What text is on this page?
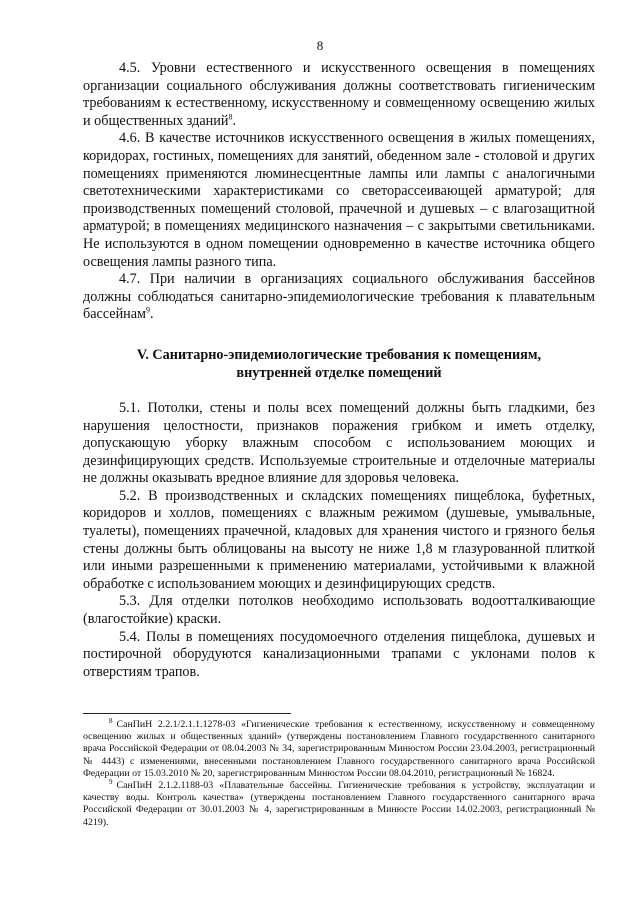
8

4.5. Уровни естественного и искусственного освещения в помещениях организации социального обслуживания должны соответствовать гигиеническим требованиям к естественному, искусственному и совмещенному освещению жилых и общественных зданий$^8$.

4.6. В качестве источников искусственного освещения в жилых помещениях, коридорах, гостиных, помещениях для занятий, обеденном зале - столовой и других помещениях применяются люминесцентные лампы или лампы с аналогичными светотехническими характеристиками со светорассеивающей арматурой; для производственных помещений столовой, прачечной и душевых – с влагозащитной арматурой; в помещениях медицинского назначения – с закрытыми светильниками. Не используются в одном помещении одновременно в качестве источника общего освещения лампы разного типа.

4.7. При наличии в организациях социального обслуживания бассейнов должны соблюдаться санитарно-эпидемиологические требования к плавательным бассейнам$^9$.

V. Санитарно-эпидемиологические требования к помещениям,
внутренней отделке помещений

5.1. Потолки, стены и полы всех помещений должны быть гладкими, без нарушения целостности, признаков поражения грибком и иметь отделку, допускающую уборку влажным способом с использованием моющих и дезинфицирующих средств. Используемые строительные и отделочные материалы не должны оказывать вредное влияние для здоровья человека.

5.2. В производственных и складских помещениях пищеблока, буфетных, коридоров и холлов, помещениях с влажным режимом (душевые, умывальные, туалеты), помещениях прачечной, кладовых для хранения чистого и грязного белья стены должны быть облицованы на высоту не ниже 1,8 м глазурованной плиткой или иными разрешенными к применению материалами, устойчивыми к влажной обработке с использованием моющих и дезинфицирующих средств.

5.3. Для отделки потолков необходимо использовать водоотталкивающие (влагостойкие) краски.

5.4. Полы в помещениях посудомоечного отделения пищеблока, душевых и постирочной оборудуются канализационными трапами с уклонами полов к отверстиям трапов.

$^8$ СанПиН 2.2.1/2.1.1.1278-03 «Гигиенические требования к естественному, искусственному и совмещенному освещению жилых и общественных зданий» (утверждены постановлением Главного государственного санитарного врача Российской Федерации от 08.04.2003 № 34, зарегистрированным Минюстом России 23.04.2003, регистрационный № 4443) с изменениями, внесенными постановлением Главного государственного санитарного врача Российской Федерации от 15.03.2010 № 20, зарегистрированным Минюстом России 08.04.2010, регистрационный № 16824.

$^9$ СанПиН 2.1.2.1188-03 «Плавательные бассейны. Гигиенические требования к устройству, эксплуатации и качеству воды. Контроль качества» (утверждены постановлением Главного государственного санитарного врача Российской Федерации от 30.01.2003 № 4, зарегистрированным в Минюсте России 14.02.2003, регистрационный № 4219).
